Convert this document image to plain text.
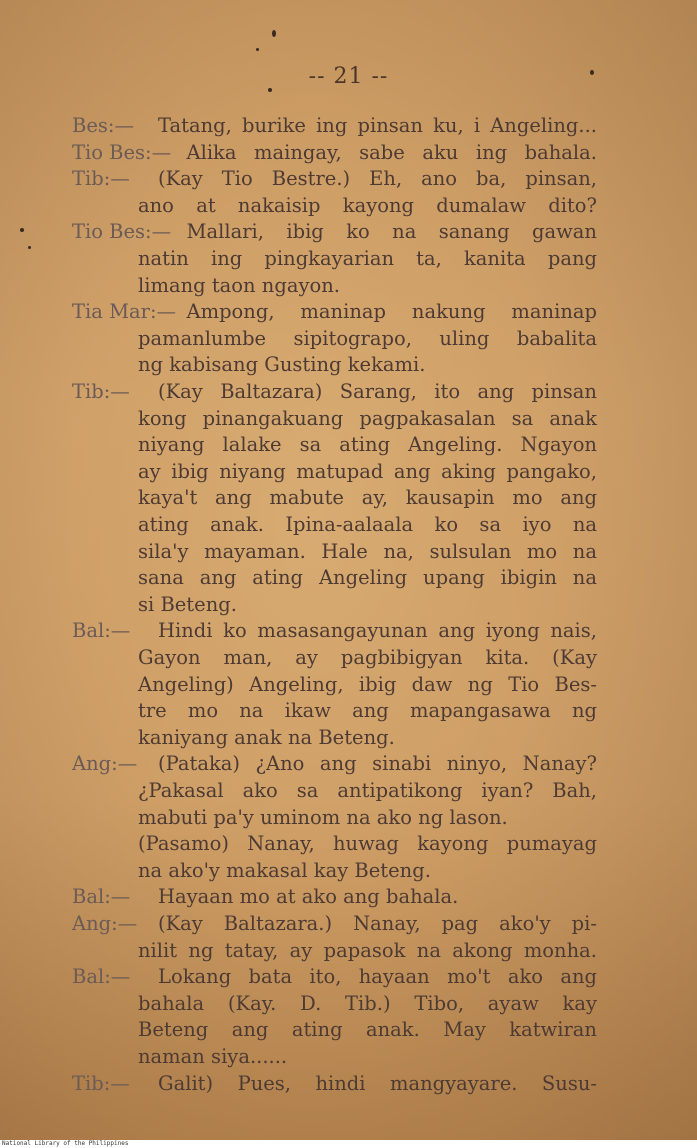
-- 21 --
Bes:— Tatang, burike ing pinsan ku, i Angeling...
Tio Bes:— Alika maingay, sabe aku ing bahala.
Tib:— (Kay Tio Bestre.) Eh, ano ba, pinsan,
ano at nakaisip kayong dumalaw dito?
Tio Bes:— Mallari, ibig ko na sanang gawan
natin ing pingkayarian ta, kanita pang
limang taon ngayon.
Tia Mar:— Ampong, maninap nakung maninap
pamanlumbe sipitograpo, uling babalita
ng kabisang Gusting kekami.
Tib:— (Kay Baltazara) Sarang, ito ang pinsan
kong pinangakuang pagpakasalan sa anak
niyang lalake sa ating Angeling. Ngayon
ay ibig niyang matupad ang aking pangako,
kaya't ang mabute ay, kausapin mo ang
ating anak. Ipina-aalaala ko sa iyo na
sila'y mayaman. Hale na, sulsulan mo na
sana ang ating Angeling upang ibigin na
si Beteng.
Bal:— Hindi ko masasangayunan ang iyong nais,
Gayon man, ay pagbibigyan kita. (Kay
Angeling) Angeling, ibig daw ng Tio Bes-
tre mo na ikaw ang mapangasawa ng
kaniyang anak na Beteng.
Ang:— (Pataka) ¿Ano ang sinabi ninyo, Nanay?
¿Pakasal ako sa antipatikong iyan? Bah,
mabuti pa'y uminom na ako ng lason.
(Pasamo) Nanay, huwag kayong pumayag
na ako'y makasal kay Beteng.
Bal:— Hayaan mo at ako ang bahala.
Ang:— (Kay Baltazara.) Nanay, pag ako'y pi-
nilit ng tatay, ay papasok na akong monha.
Bal:— Lokang bata ito, hayaan mo't ako ang
bahala (Kay. D. Tib.) Tibo, ayaw kay
Beteng ang ating anak. May katwiran
naman siya......
Tib:— Galit) Pues, hindi mangyayare. Susu-
National Library of the Philippines
